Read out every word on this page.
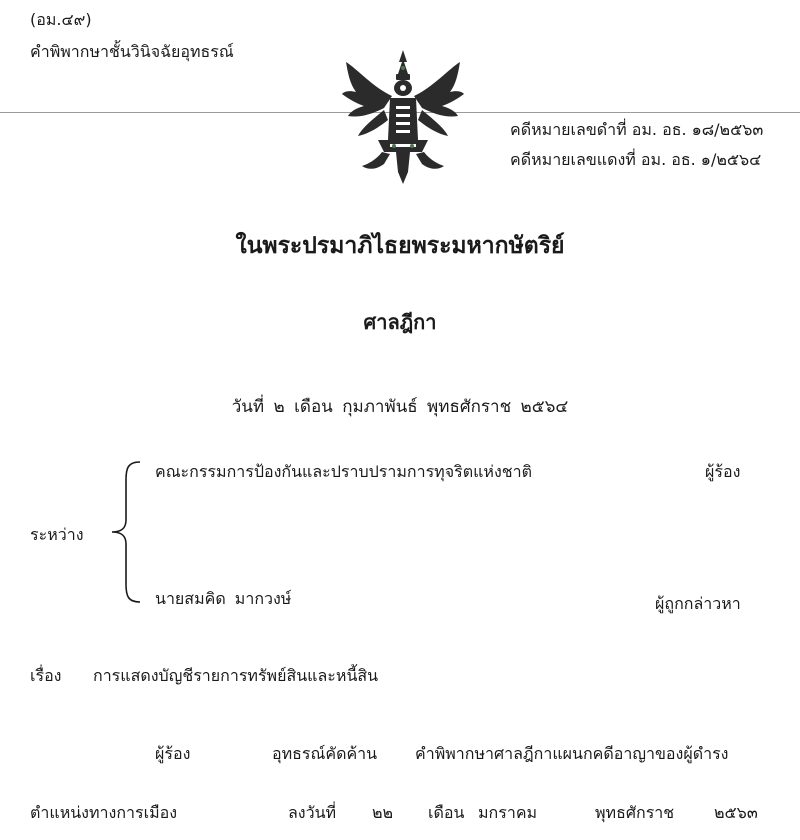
(อม.๔๙)
คำพิพากษาชั้นวินิจฉัยอุทธรณ์
คดีหมายเลขดำที่ อม. อธ. ๑๘/๒๕๖๓
คดีหมายเลขแดงที่ อม. อธ. ๑/๒๕๖๔
ในพระปรมาภิไธยพระมหากษัตริย์
ศาลฎีกา
วันที่ ๒ เดือน กุมภาพันธ์ พุทธศักราช ๒๕๖๔
คณะกรรมการป้องกันและปราบปรามการทุจริตแห่งชาติ	ผู้ร้อง
ระหว่าง
นายสมคิด มากวงษ์	ผู้ถูกกล่าวหา
เรื่อง การแสดงบัญชีรายการทรัพย์สินและหนี้สิน
ผู้ร้อง	อุทธรณ์คัดค้าน คำพิพากษาศาลฎีกาแผนกคดีอาญาของผู้ดำรง
ตำแหน่งทางการเมือง	ลงวันที่ ๒๒ เดือน มกราคม	พุทธศักราช ๒๕๖๓
